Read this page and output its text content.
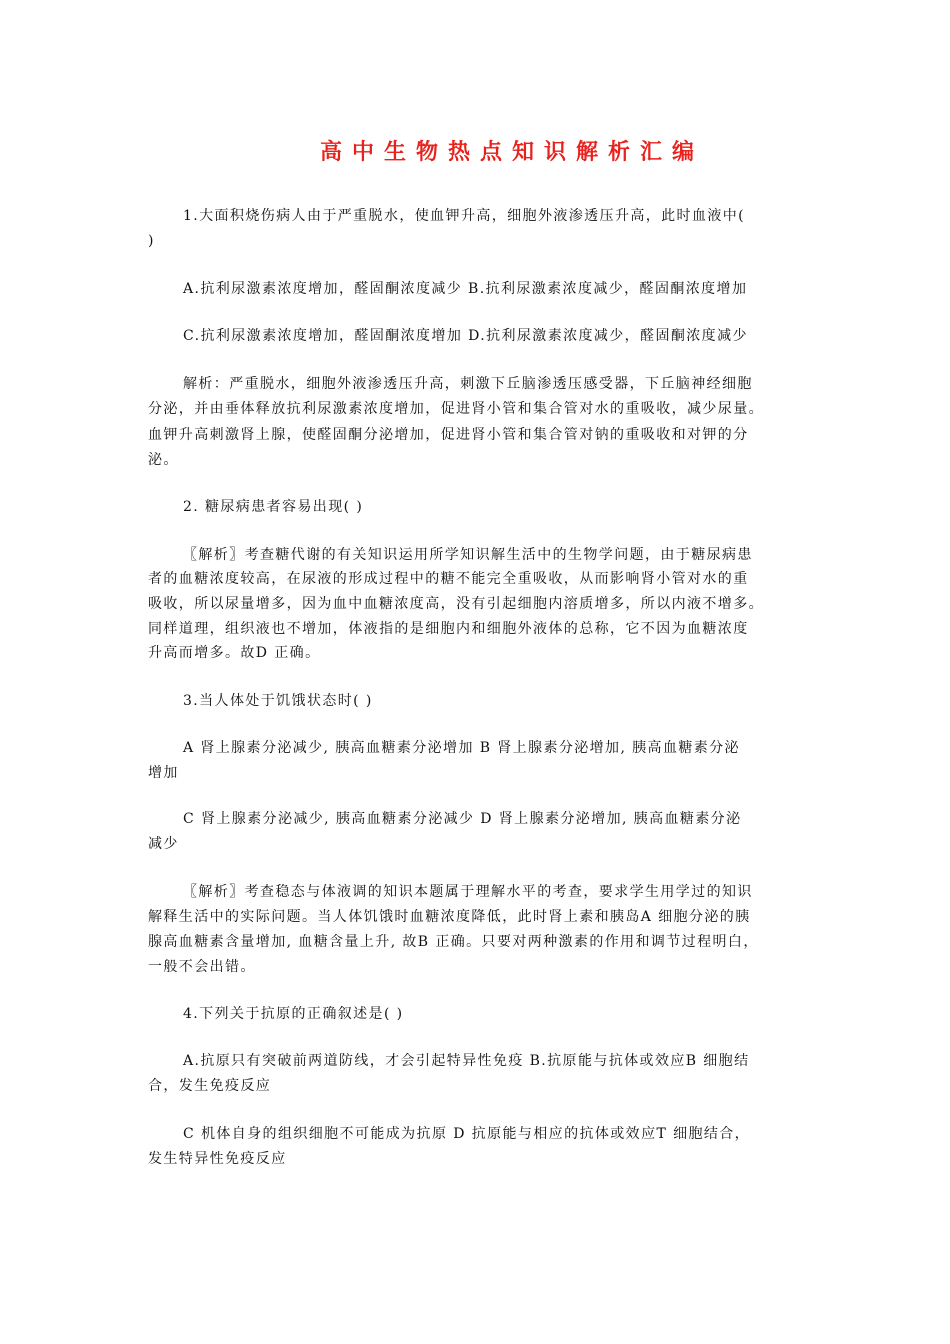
高中生物热点知识解析汇编
1.大面积烧伤病人由于严重脱水，使血钾升高，细胞外液渗透压升高，此时血液中(
)
A.抗利尿激素浓度增加，醛固酮浓度减少 B.抗利尿激素浓度减少，醛固酮浓度增加
C.抗利尿激素浓度增加，醛固酮浓度增加 D.抗利尿激素浓度减少，醛固酮浓度减少
解析：严重脱水，细胞外液渗透压升高，刺激下丘脑渗透压感受器，下丘脑神经细胞
分泌，并由垂体释放抗利尿激素浓度增加，促进肾小管和集合管对水的重吸收，减少尿量。
血钾升高刺激肾上腺，使醛固酮分泌增加，促进肾小管和集合管对钠的重吸收和对钾的分
泌。
2. 糖尿病患者容易出现( )
〖解析〗考查糖代谢的有关知识运用所学知识解生活中的生物学问题，由于糖尿病患
者的血糖浓度较高，在尿液的形成过程中的糖不能完全重吸收，从而影响肾小管对水的重
吸收，所以尿量增多，因为血中血糖浓度高，没有引起细胞内溶质增多，所以内液不增多。
同样道理，组织液也不增加，体液指的是细胞内和细胞外液体的总称，它不因为血糖浓度
升高而增多。故D 正确。
3.当人体处于饥饿状态时( )
A 肾上腺素分泌减少, 胰高血糖素分泌增加 B 肾上腺素分泌增加, 胰高血糖素分泌
增加
C 肾上腺素分泌减少, 胰高血糖素分泌减少 D 肾上腺素分泌增加, 胰高血糖素分泌
减少
〖解析〗考查稳态与体液调的知识本题属于理解水平的考查，要求学生用学过的知识
解释生活中的实际问题。当人体饥饿时血糖浓度降低，此时肾上素和胰岛A 细胞分泌的胰
腺高血糖素含量增加, 血糖含量上升, 故B 正确。只要对两种激素的作用和调节过程明白，
一般不会出错。
4.下列关于抗原的正确叙述是( )
A.抗原只有突破前两道防线，才会引起特异性免疫 B.抗原能与抗体或效应B 细胞结
合，发生免疫反应
C 机体自身的组织细胞不可能成为抗原 D 抗原能与相应的抗体或效应T 细胞结合，
发生特异性免疫反应
